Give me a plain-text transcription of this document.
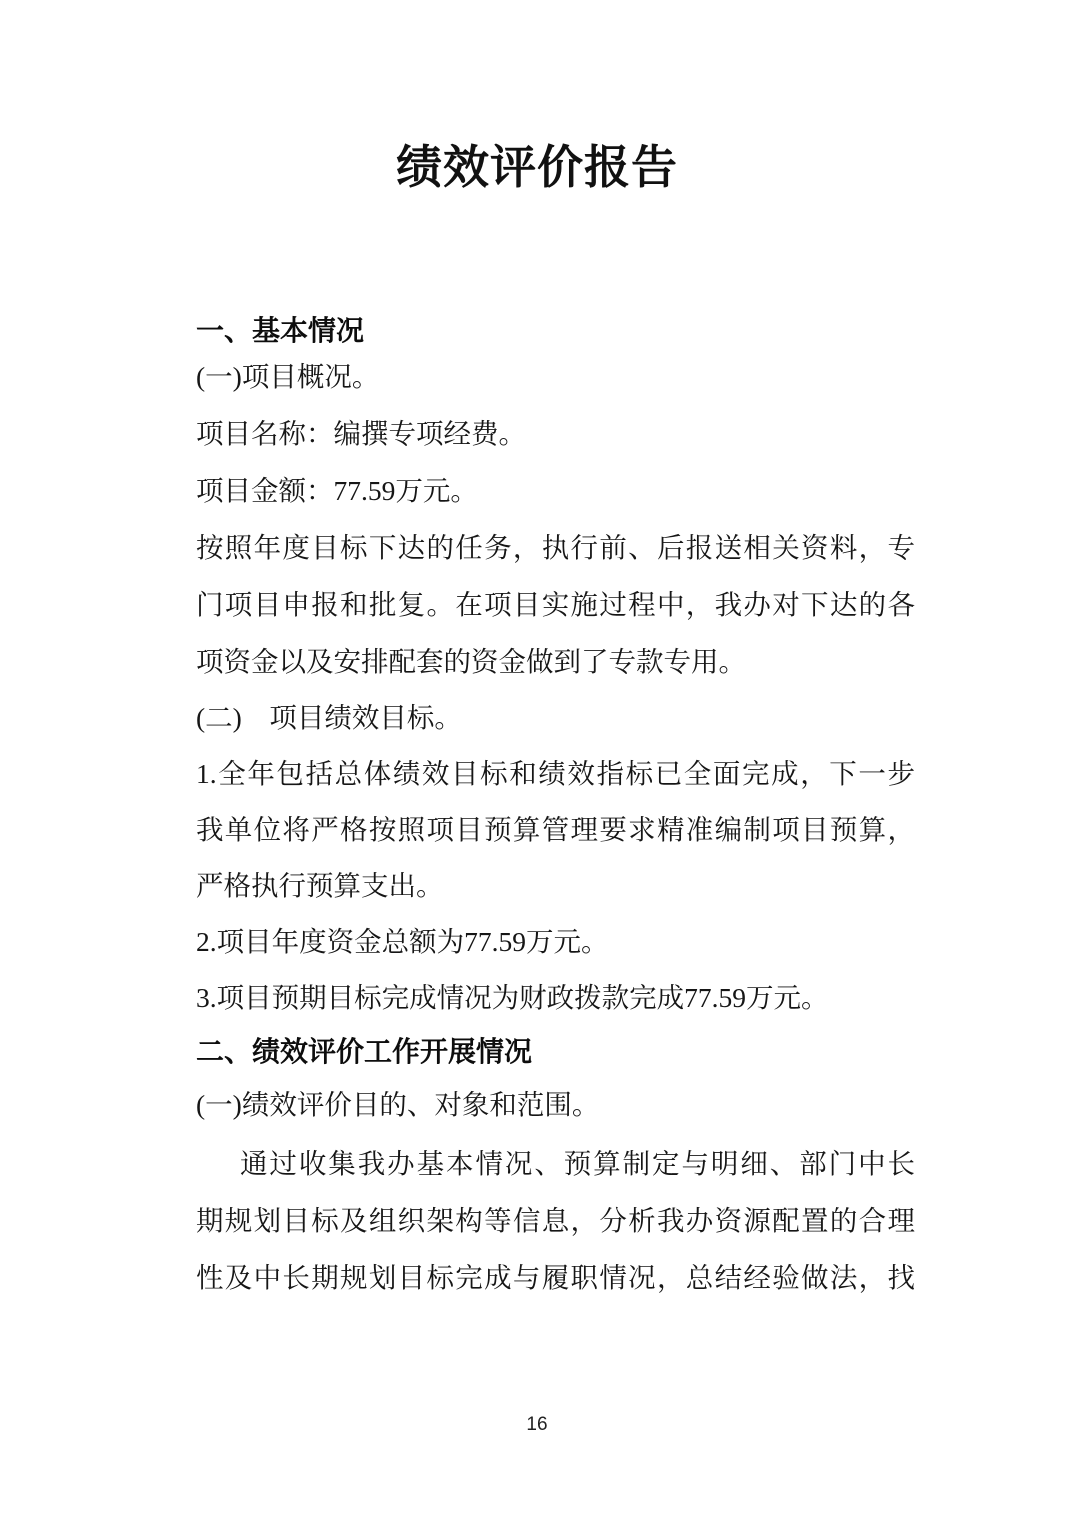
绩效评价报告
一、基本情况
(一)项目概况。
项目名称：编撰专项经费。
项目金额：77.59万元。
按照年度目标下达的任务，执行前、后报送相关资料，专
门项目申报和批复。在项目实施过程中，我办对下达的各
项资金以及安排配套的资金做到了专款专用。
(二)　项目绩效目标。
1.全年包括总体绩效目标和绩效指标已全面完成，下一步
我单位将严格按照项目预算管理要求精准编制项目预算，
严格执行预算支出。
2.项目年度资金总额为77.59万元。
3.项目预期目标完成情况为财政拨款完成77.59万元。
二、绩效评价工作开展情况
(一)绩效评价目的、对象和范围。
通过收集我办基本情况、预算制定与明细、部门中长
期规划目标及组织架构等信息，分析我办资源配置的合理
性及中长期规划目标完成与履职情况，总结经验做法，找
16
